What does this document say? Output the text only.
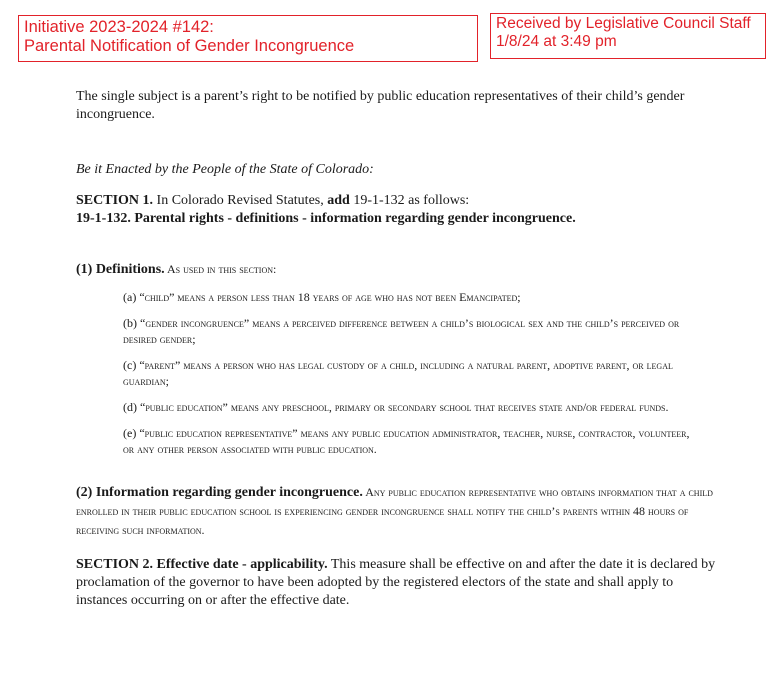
Initiative 2023-2024 #142:
Parental Notification of Gender Incongruence
Received by Legislative Council Staff
1/8/24 at 3:49 pm

The single subject is a parent’s right to be notified by public education representatives of their child’s gender incongruence.

Be it Enacted by the People of the State of Colorado:

SECTION 1. In Colorado Revised Statutes, add 19-1-132 as follows:

19-1-132. Parental rights - definitions - information regarding gender incongruence.

(1) Definitions. As used in this section:

(a) “child” means a person less than 18 years of age who has not been Emancipated;

(b) “gender incongruence” means a perceived difference between a child’s biological sex and the child’s perceived or desired gender;

(c) “parent” means a person who has legal custody of a child, including a natural parent, adoptive parent, or legal guardian;

(d) “public education” means any preschool, primary or secondary school that receives state and/or federal funds.

(e) “public education representative” means any public education administrator, teacher, nurse, contractor, volunteer, or any other person associated with public education.

(2) Information regarding gender incongruence. Any public education representative who obtains information that a child enrolled in their public education school is experiencing gender incongruence shall notify the child’s parents within 48 hours of receiving such information.

SECTION 2. Effective date - applicability. This measure shall be effective on and after the date it is declared by proclamation of the governor to have been adopted by the registered electors of the state and shall apply to instances occurring on or after the effective date.
